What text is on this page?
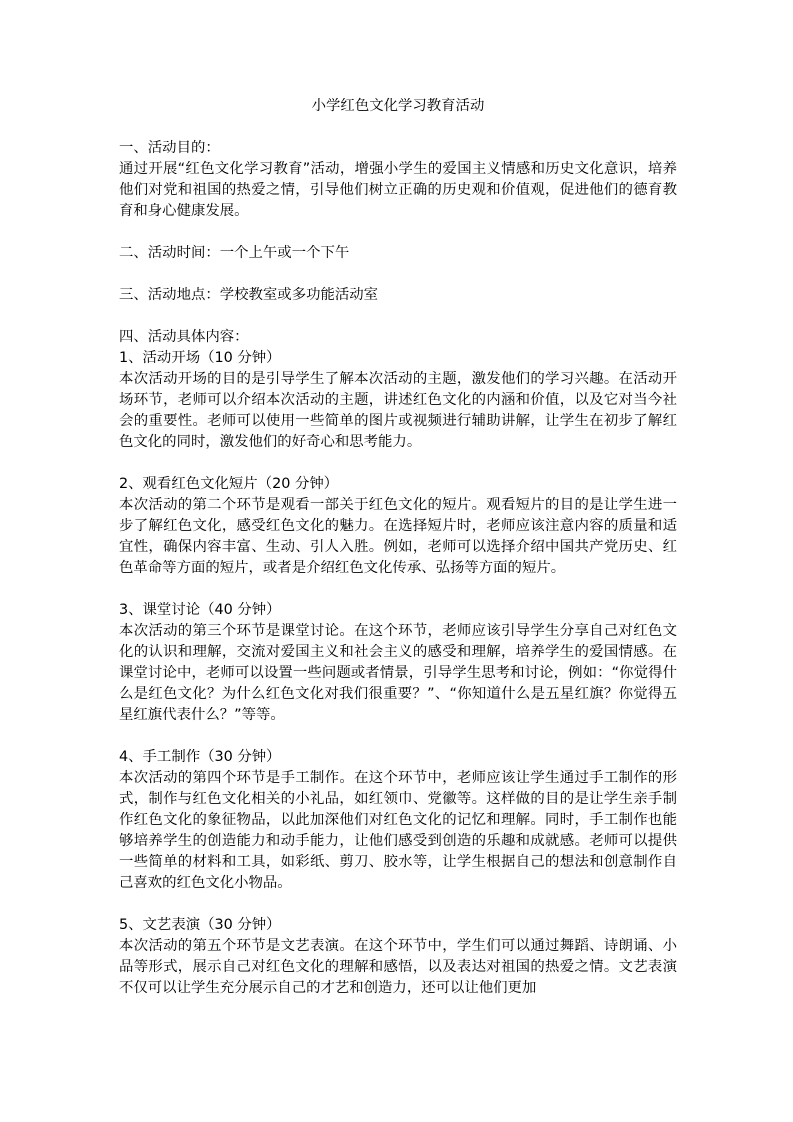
小学红色文化学习教育活动
一、活动目的：

通过开展“红色文化学习教育”活动，增强小学生的爱国主义情感和历史文化意识，培养他们对党和祖国的热爱之情，引导他们树立正确的历史观和价值观，促进他们的德育教育和身心健康发展。

二、活动时间：一个上午或一个下午
三、活动地点：学校教室或多功能活动室
四、活动具体内容：
1、活动开场（10 分钟）

本次活动开场的目的是引导学生了解本次活动的主题，激发他们的学习兴趣。在活动开场环节，老师可以介绍本次活动的主题，讲述红色文化的内涵和价值，以及它对当今社会的重要性。老师可以使用一些简单的图片或视频进行辅助讲解，让学生在初步了解红色文化的同时，激发他们的好奇心和思考能力。

2、观看红色文化短片（20 分钟）

本次活动的第二个环节是观看一部关于红色文化的短片。观看短片的目的是让学生进一步了解红色文化，感受红色文化的魅力。在选择短片时，老师应该注意内容的质量和适宜性，确保内容丰富、生动、引人入胜。例如，老师可以选择介绍中国共产党历史、红色革命等方面的短片，或者是介绍红色文化传承、弘扬等方面的短片。

3、课堂讨论（40 分钟）

本次活动的第三个环节是课堂讨论。在这个环节，老师应该引导学生分享自己对红色文化的认识和理解，交流对爱国主义和社会主义的感受和理解，培养学生的爱国情感。在课堂讨论中，老师可以设置一些问题或者情景，引导学生思考和讨论，例如：“你觉得什么是红色文化？为什么红色文化对我们很重要？”、“你知道什么是五星红旗？你觉得五星红旗代表什么？”等等。

4、手工制作（30 分钟）

本次活动的第四个环节是手工制作。在这个环节中，老师应该让学生通过手工制作的形式，制作与红色文化相关的小礼品，如红领巾、党徽等。这样做的目的是让学生亲手制作红色文化的象征物品，以此加深他们对红色文化的记忆和理解。同时，手工制作也能够培养学生的创造能力和动手能力，让他们感受到创造的乐趣和成就感。老师可以提供一些简单的材料和工具，如彩纸、剪刀、胶水等，让学生根据自己的想法和创意制作自己喜欢的红色文化小物品。

5、文艺表演（30 分钟）

本次活动的第五个环节是文艺表演。在这个环节中，学生们可以通过舞蹈、诗朗诵、小品等形式，展示自己对红色文化的理解和感悟，以及表达对祖国的热爱之情。文艺表演不仅可以让学生充分展示自己的才艺和创造力，还可以让他们更加
